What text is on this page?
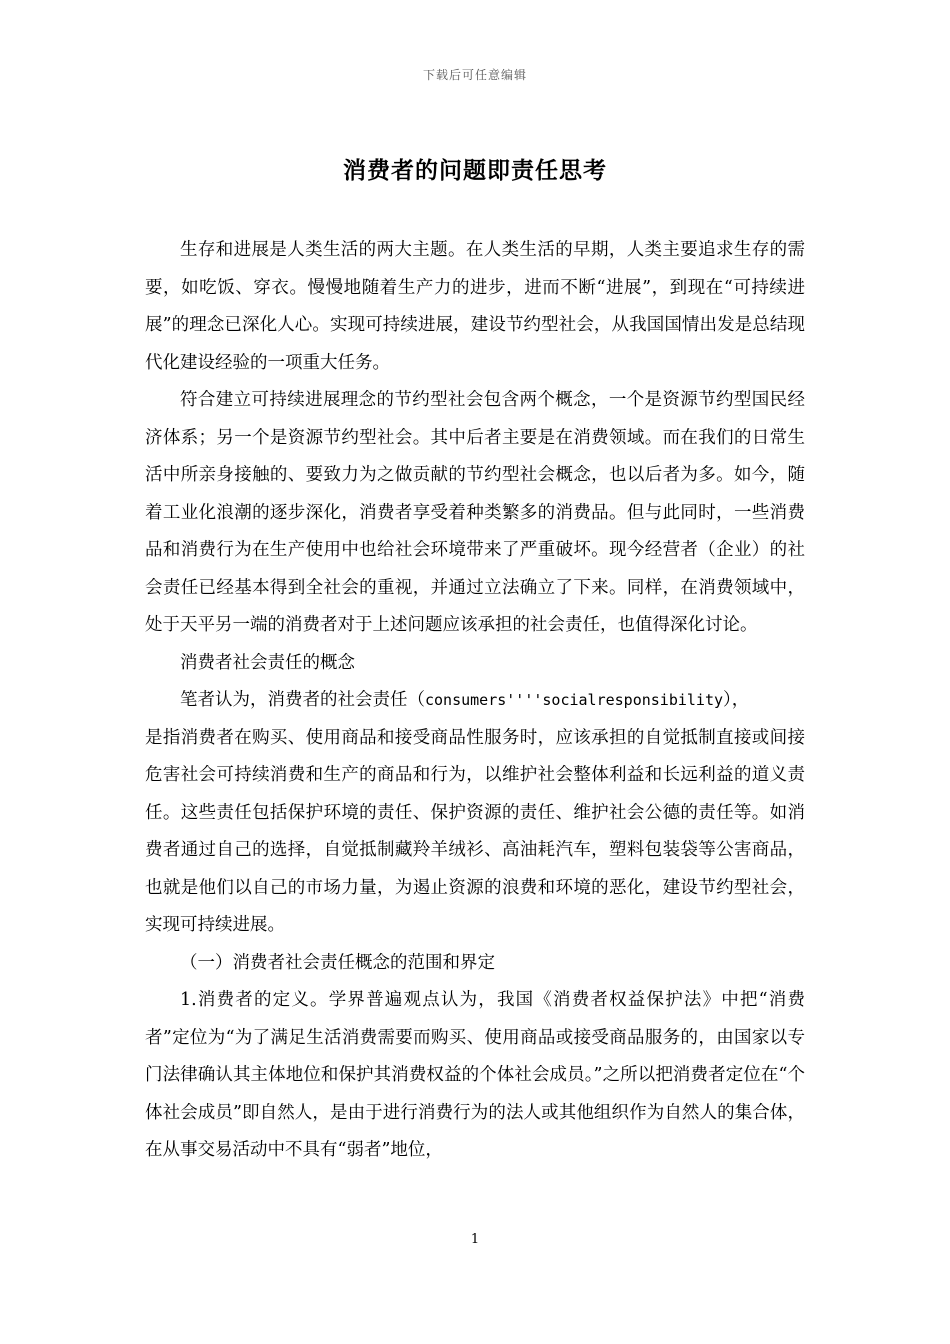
下载后可任意编辑
消费者的问题即责任思考

生存和进展是人类生活的两大主题。在人类生活的早期，人类主要追求生存的需要，如吃饭、穿衣。慢慢地随着生产力的进步，进而不断“进展”，到现在“可持续进展”的理念已深化人心。实现可持续进展，建设节约型社会，从我国国情出发是总结现代化建设经验的一项重大任务。

符合建立可持续进展理念的节约型社会包含两个概念，一个是资源节约型国民经济体系；另一个是资源节约型社会。其中后者主要是在消费领域。而在我们的日常生活中所亲身接触的、要致力为之做贡献的节约型社会概念，也以后者为多。如今，随着工业化浪潮的逐步深化，消费者享受着种类繁多的消费品。但与此同时，一些消费品和消费行为在生产使用中也给社会环境带来了严重破坏。现今经营者（企业）的社会责任已经基本得到全社会的重视，并通过立法确立了下来。同样，在消费领域中，处于天平另一端的消费者对于上述问题应该承担的社会责任，也值得深化讨论。

消费者社会责任的概念

笔者认为，消费者的社会责任（consumers''''socialresponsibility），

是指消费者在购买、使用商品和接受商品性服务时，应该承担的自觉抵制直接或间接危害社会可持续消费和生产的商品和行为，以维护社会整体利益和长远利益的道义责任。这些责任包括保护环境的责任、保护资源的责任、维护社会公德的责任等。如消费者通过自己的选择，自觉抵制藏羚羊绒衫、高油耗汽车，塑料包装袋等公害商品，也就是他们以自己的市场力量，为遏止资源的浪费和环境的恶化，建设节约型社会，实现可持续进展。

（一）消费者社会责任概念的范围和界定

1.消费者的定义。学界普遍观点认为，我国《消费者权益保护法》中把“消费者”定位为“为了满足生活消费需要而购买、使用商品或接受商品服务的，由国家以专门法律确认其主体地位和保护其消费权益的个体社会成员。”之所以把消费者定位在“个体社会成员”即自然人，是由于进行消费行为的法人或其他组织作为自然人的集合体，在从事交易活动中不具有“弱者”地位，

1
